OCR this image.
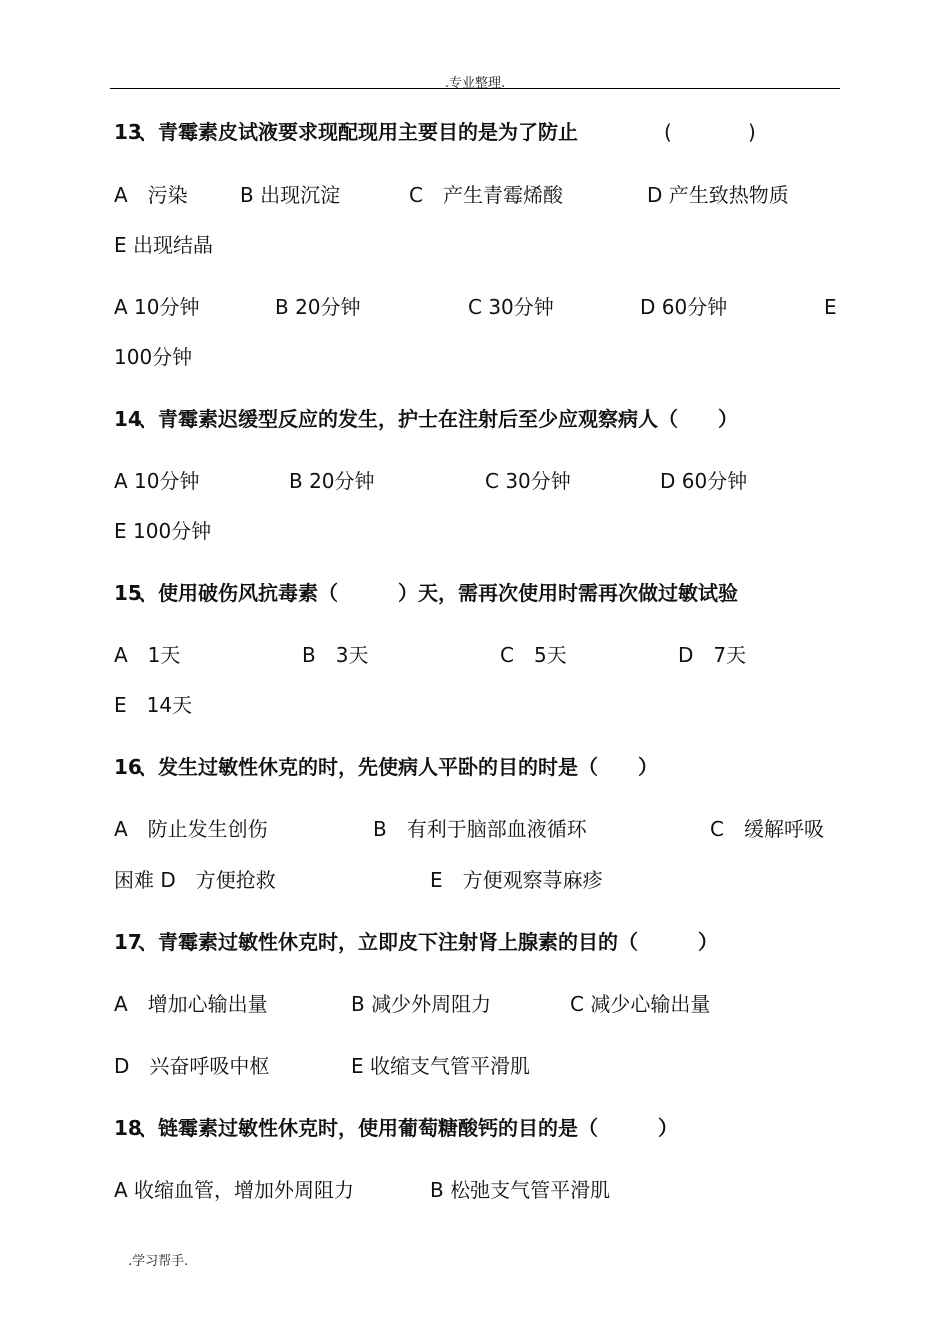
.专业整理.
13
、青霉素皮试液要求现配现用主要目的是为了防止	(	)
A　污染	B 出现沉淀	C　产生青霉烯酸	D 产生致热物质
E 出现结晶
A 10分钟	B 20分钟	C 30分钟	D 60分钟	E
100分钟
14
、青霉素迟缓型反应的发生，护士在注射后至少应观察病人（　　）
A 10分钟	B 20分钟	C 30分钟	D 60分钟
E 100分钟
15
、使用破伤风抗毒素（　　　）天，需再次使用时需再次做过敏试验
A　1天	B　3天	C　5天	D　7天
E　14天
16
、发生过敏性休克的时，先使病人平卧的目的时是（　　）
A　防止发生创伤	B　有利于脑部血液循环	C　缓解呼吸
困难 D　方便抢救	E　方便观察荨麻疹
17
、青霉素过敏性休克时，立即皮下注射肾上腺素的目的（　　　）
A　增加心输出量	B 减少外周阻力	C 减少心输出量
D　兴奋呼吸中枢	E 收缩支气管平滑肌
18
、链霉素过敏性休克时，使用葡萄糖酸钙的目的是（　　　）
A 收缩血管，增加外周阻力	B 松弛支气管平滑肌
.学习帮手.
